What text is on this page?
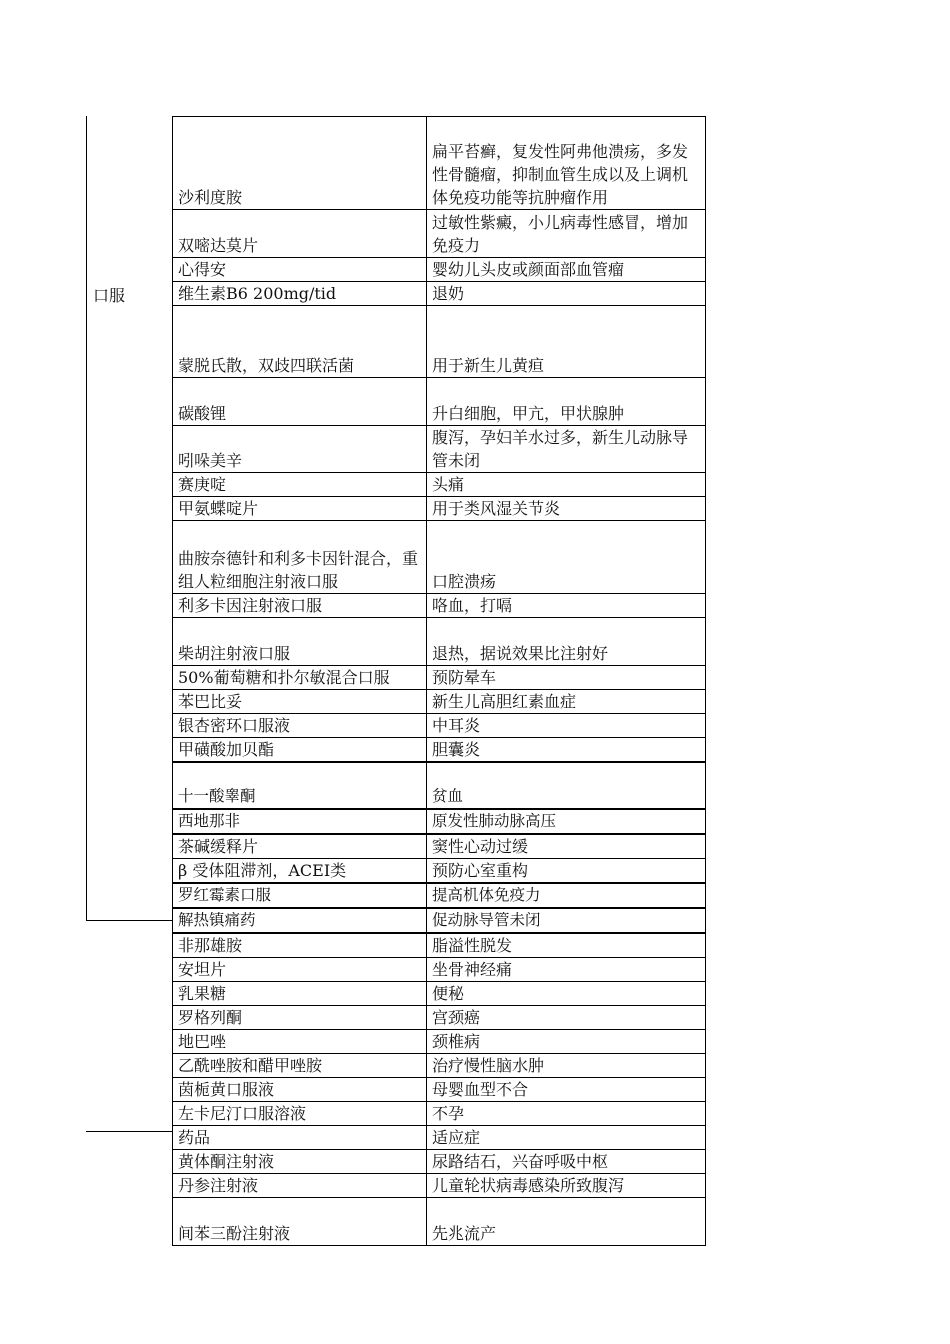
口服
沙利度胺	扁平苔癣，复发性阿弗他溃疡，多发性骨髓瘤，抑制血管生成以及上调机体免疫功能等抗肿瘤作用
双嘧达莫片	过敏性紫癜，小儿病毒性感冒，增加免疫力
心得安	婴幼儿头皮或颜面部血管瘤
维生素B6 200mg/tid	退奶
蒙脱氏散，双歧四联活菌	用于新生儿黄疸
碳酸锂	升白细胞，甲亢，甲状腺肿
吲哚美辛	腹泻，孕妇羊水过多，新生儿动脉导管未闭
赛庚啶	头痛
甲氨蝶啶片	用于类风湿关节炎
曲胺奈德针和利多卡因针混合，重组人粒细胞注射液口服	口腔溃疡
利多卡因注射液口服	咯血，打嗝
柴胡注射液口服	退热，据说效果比注射好
50%葡萄糖和扑尔敏混合口服	预防晕车
苯巴比妥	新生儿高胆红素血症
银杏密环口服液	中耳炎
甲磺酸加贝酯	胆囊炎
十一酸睾酮	贫血
西地那非	原发性肺动脉高压
茶碱缓释片	窦性心动过缓
β 受体阻滞剂，ACEI类	预防心室重构
罗红霉素口服	提高机体免疫力
解热镇痛药	促动脉导管未闭
非那雄胺	脂溢性脱发
安坦片	坐骨神经痛
乳果糖	便秘
罗格列酮	宫颈癌
地巴唑	颈椎病
乙酰唑胺和醋甲唑胺	治疗慢性脑水肿
茵栀黄口服液	母婴血型不合
左卡尼汀口服溶液	不孕
药品	适应症
黄体酮注射液	尿路结石，兴奋呼吸中枢
丹参注射液	儿童轮状病毒感染所致腹泻
间苯三酚注射液	先兆流产
